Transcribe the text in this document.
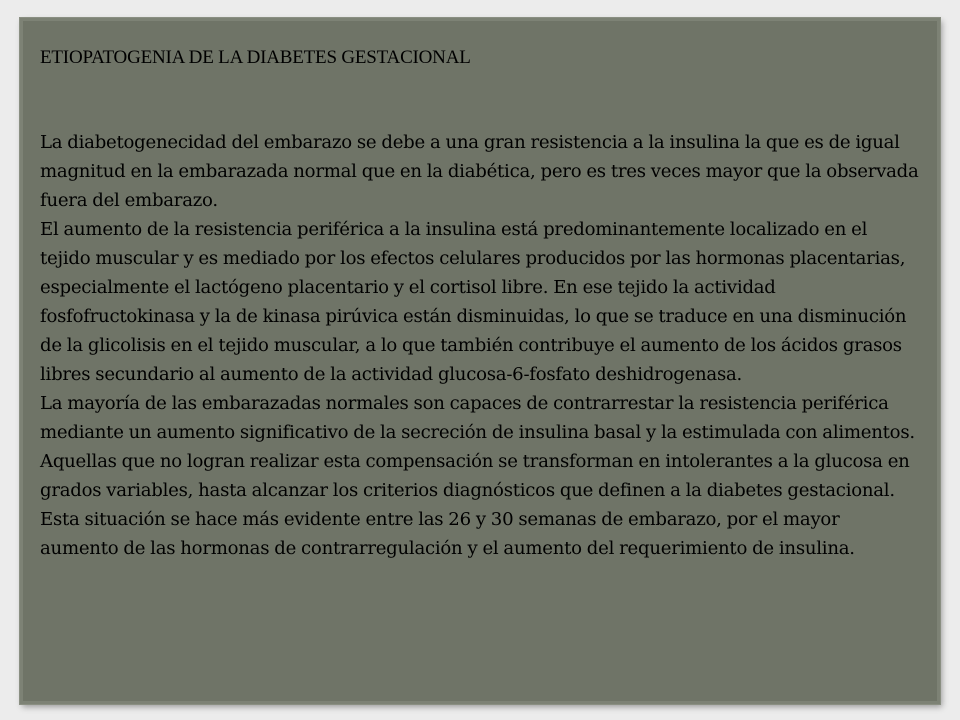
ETIOPATOGENIA DE LA DIABETES GESTACIONAL

La diabetogenecidad del embarazo se debe a una gran resistencia a la insulina la que es de igual magnitud en la embarazada normal que en la diabética, pero es tres veces mayor que la observada fuera del embarazo.

El aumento de la resistencia periférica a la insulina está predominantemente localizado en el tejido muscular y es mediado por los efectos celulares producidos por las hormonas placentarias, especialmente el lactógeno placentario y el cortisol libre. En ese tejido la actividad fosfofructokinasa y la de kinasa pirúvica están disminuidas, lo que se traduce en una disminución de la glicolisis en el tejido muscular, a lo que también contribuye el aumento de los ácidos grasos libres secundario al aumento de la actividad glucosa-6-fosfato deshidrogenasa.

La mayoría de las embarazadas normales son capaces de contrarrestar la resistencia periférica mediante un aumento significativo de la secreción de insulina basal y la estimulada con alimentos. Aquellas que no logran realizar esta compensación se transforman en intolerantes a la glucosa en grados variables, hasta alcanzar los criterios diagnósticos que definen a la diabetes gestacional. Esta situación se hace más evidente entre las 26 y 30 semanas de embarazo, por el mayor aumento de las hormonas de contrarregulación y el aumento del requerimiento de insulina.
